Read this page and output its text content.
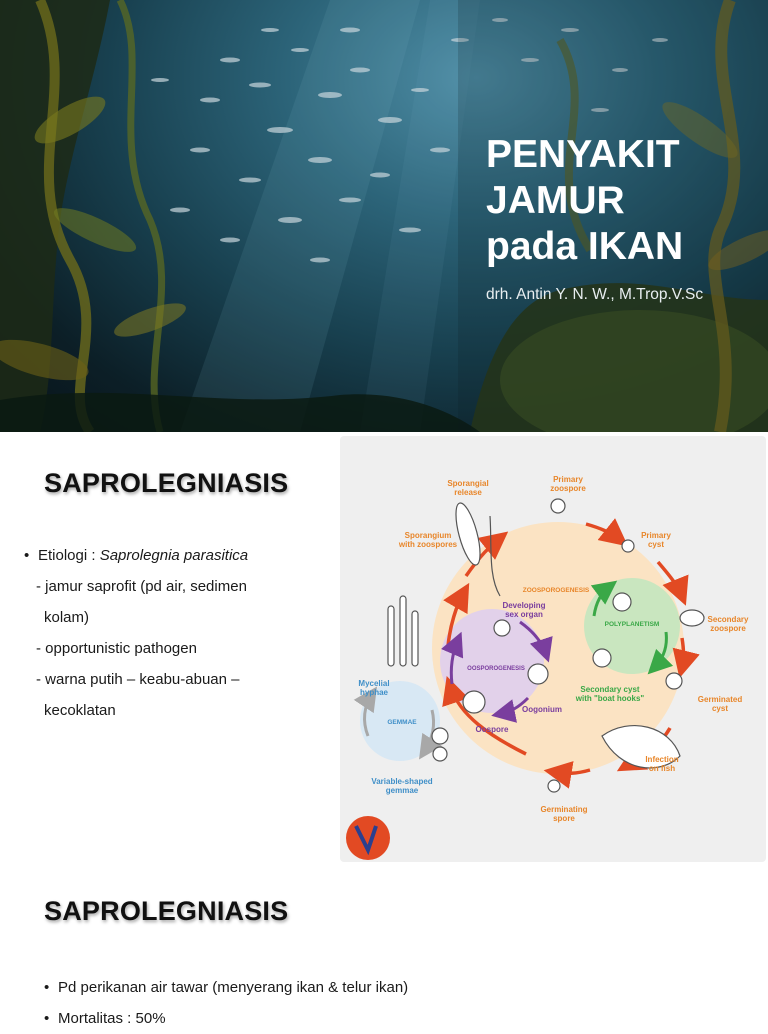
PENYAKIT
JAMUR
pada IKAN

drh. Antin Y. N. W., M.Trop.V.Sc

SAPROLEGNIASIS
• Etiologi : Saprolegnia parasitica
- jamur saprofit (pd air, sedimen
kolam)
- opportunistic pathogen
- warna putih – keabu-abuan –
kecoklatan
Sporangial release
Primary zoospore
Primary cyst
Sporangium with zoospores
ZOOSPOROGENESIS
Developing sex organ
POLYPLANETISM
Secondary zoospore
OOSPOROGENESIS
Mycelial hyphae
GEMMAE
Oogonium
Oospore
Secondary cyst with "boat hooks"	Germinated cyst
Variable-shaped gemmae
Infection on fish
Germinating spore
SAPROLEGNIASIS
• Pd perikanan air tawar (menyerang ikan & telur ikan)
• Mortalitas : 50%
